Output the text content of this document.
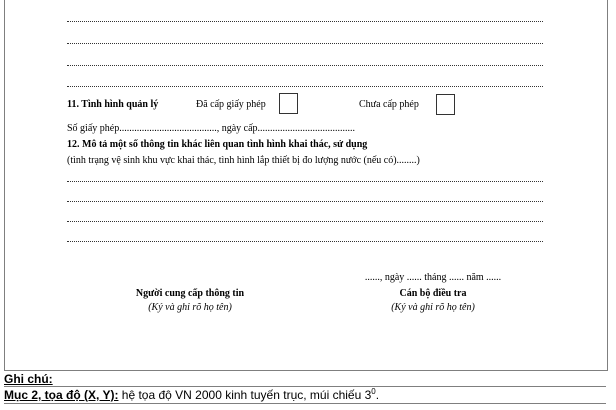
11. Tình hình quản lý	Đã cấp giấy phép	Chưa cấp phép
Số giấy phép......................................., ngày cấp.......................................
12. Mô tả một số thông tin khác liên quan tình hình khai thác, sử dụng
(tình trạng vệ sinh khu vực khai thác, tình hình lắp thiết bị đo lượng nước (nếu có)........)
......, ngày ...... tháng ...... năm ......
Người cung cấp thông tin
(Ký và ghi rõ họ tên)
Cán bộ điều tra
(Ký và ghi rõ họ tên)
Ghi chú:
Mục 2, tọa độ (X, Y): hệ tọa độ VN 2000 kinh tuyến trục, múi chiếu $3^0$.
